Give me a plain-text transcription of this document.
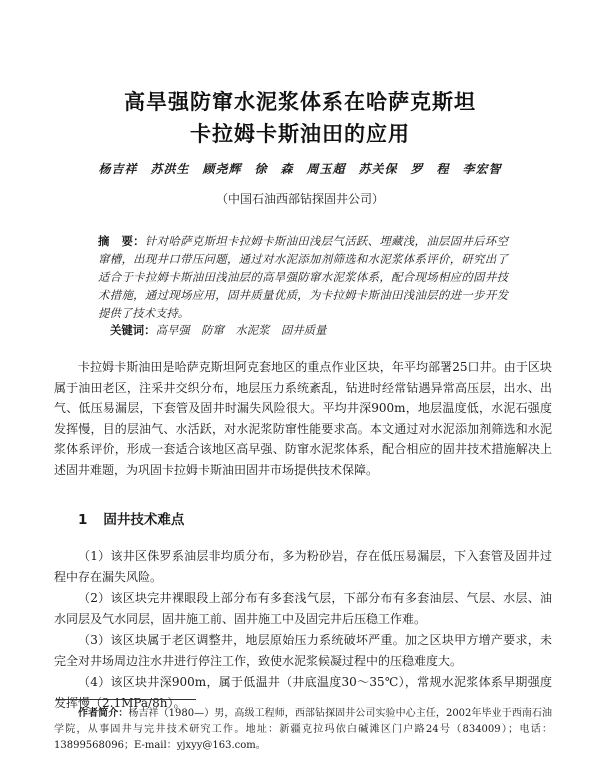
高旱强防窜水泥浆体系在哈萨克斯坦
卡拉姆卡斯油田的应用
杨吉祥　苏洪生　顾尧辉　徐　森　周玉超　苏关保　罗　程　李宏智
（中国石油西部钻探固井公司）
摘　要：针对哈萨克斯坦卡拉姆卡斯油田浅层气活跃、埋藏浅，油层固井后环空窜槽，出现井口带压问题，通过对水泥添加剂筛选和水泥浆体系评价，研究出了适合于卡拉姆卡斯油田浅油层的高旱强防窜水泥浆体系，配合现场相应的固井技术措施，通过现场应用，固井质量优质，为卡拉姆卡斯油田浅油层的进一步开发提供了技术支持。
关键词：高早强　防窜　水泥浆　固井质量

卡拉姆卡斯油田是哈萨克斯坦阿克套地区的重点作业区块，年平均部署25口井。由于区块属于油田老区，注采井交织分布，地层压力系统紊乱，钻进时经常钻遇异常高压层，出水、出气、低压易漏层，下套管及固井时漏失风险很大。平均井深900m，地层温度低，水泥石强度发挥慢，目的层油气、水活跃，对水泥浆防窜性能要求高。本文通过对水泥添加剂筛选和水泥浆体系评价，形成一套适合该地区高早强、防窜水泥浆体系，配合相应的固井技术措施解决上述固井难题，为巩固卡拉姆卡斯油田固井市场提供技术保障。

1 固井技术难点

（1）该井区侏罗系油层非均质分布，多为粉砂岩，存在低压易漏层，下入套管及固井过程中存在漏失风险。

（2）该区块完井裸眼段上部分布有多套浅气层，下部分布有多套油层、气层、水层、油水同层及气水同层，固井施工前、固井施工中及固完井后压稳工作难。

（3）该区块属于老区调整井，地层原始压力系统破坏严重。加之区块甲方增产要求，未完全对井场周边注水井进行停注工作，致使水泥浆候凝过程中的压稳难度大。

（4）该区块井深900m，属于低温井（井底温度30～35℃），常规水泥浆体系早期强度发挥慢（2.1MPa/8h）。

作者简介：杨吉祥（1980—）男，高级工程师，西部钻探固井公司实验中心主任，2002年毕业于西南石油学院，从事固井与完井技术研究工作。地址：新疆克拉玛依白碱滩区门户路24号（834009）；电话：13899568096；E-mail：yjxyy@163.com。
